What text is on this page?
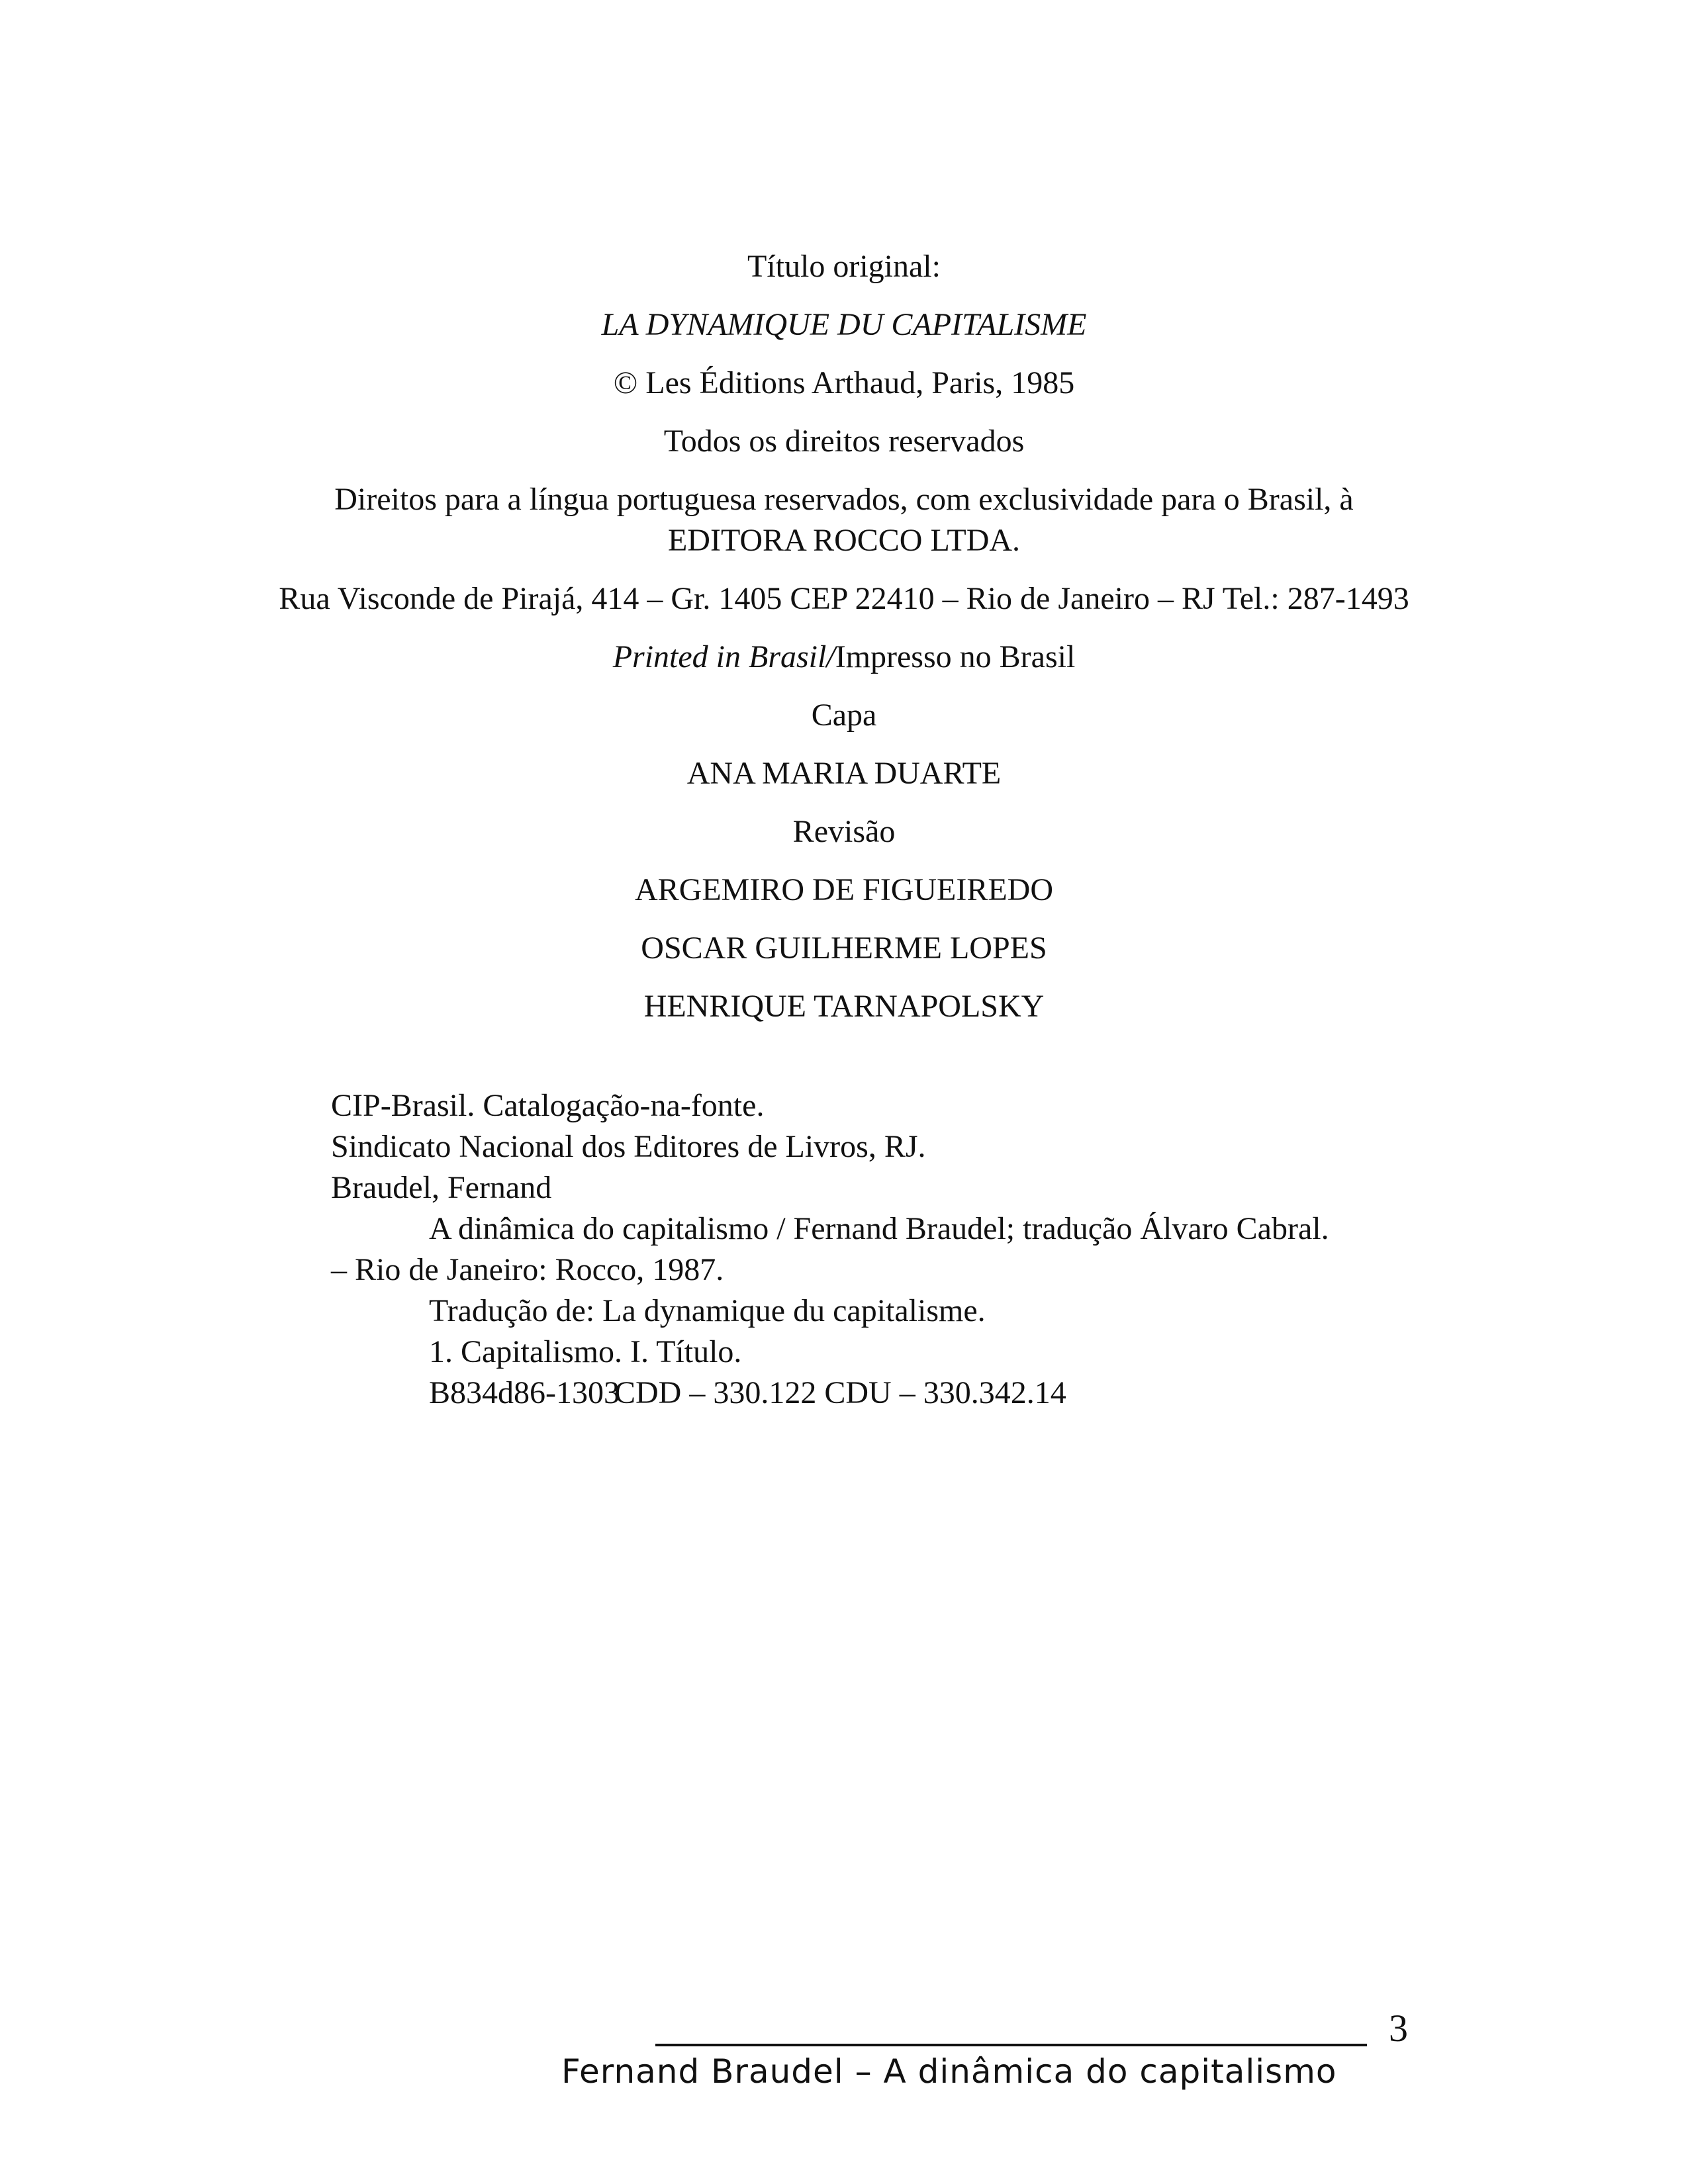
Título original:
LA DYNAMIQUE DU CAPITALISME
© Les Éditions Arthaud, Paris, 1985
Todos os direitos reservados
Direitos para a língua portuguesa reservados, com exclusividade para o Brasil, à EDITORA ROCCO LTDA.
Rua Visconde de Pirajá, 414 – Gr. 1405 CEP 22410 – Rio de Janeiro – RJ Tel.: 287-1493
Printed in Brasil/Impresso no Brasil
Capa
ANA MARIA DUARTE
Revisão
ARGEMIRO DE FIGUEIREDO
OSCAR GUILHERME LOPES
HENRIQUE TARNAPOLSKY
CIP-Brasil. Catalogação-na-fonte.
Sindicato Nacional dos Editores de Livros, RJ.
Braudel, Fernand
A dinâmica do capitalismo / Fernand Braudel; tradução Álvaro Cabral.
– Rio de Janeiro: Rocco, 1987.
Tradução de: La dynamique du capitalisme.
1. Capitalismo. I. Título.
B834d86-1303CDD – 330.122 CDU – 330.342.14
3
Fernand Braudel – A dinâmica do capitalismo
